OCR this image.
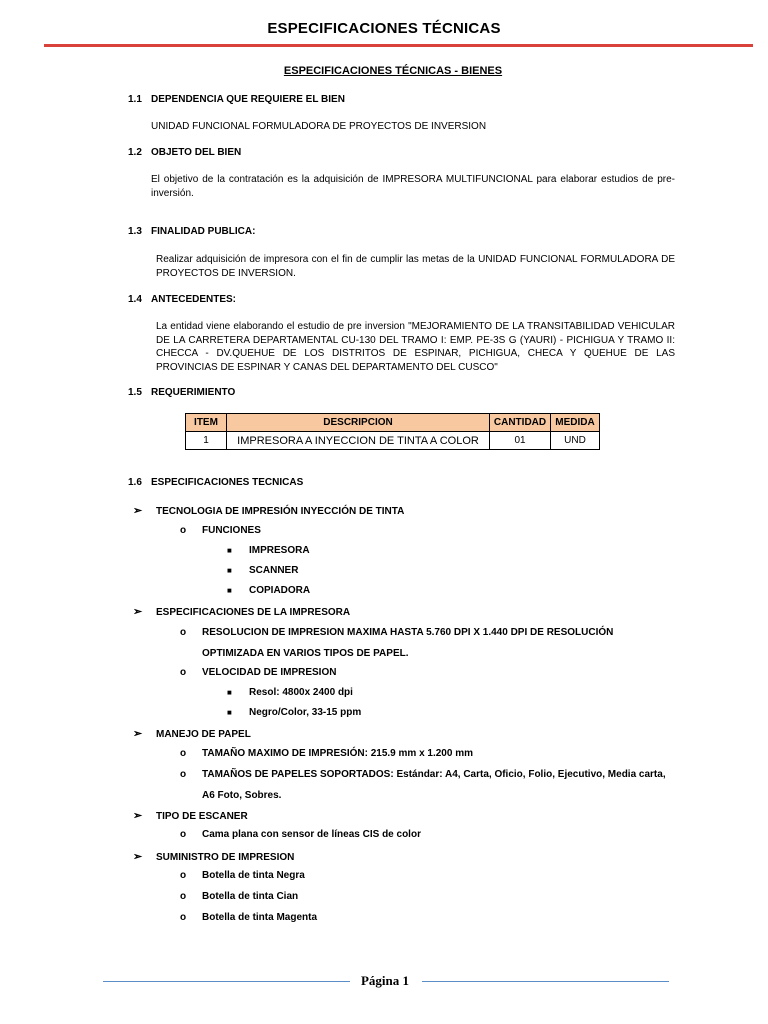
ESPECIFICACIONES TÉCNICAS
ESPECIFICACIONES TÉCNICAS - BIENES
1.1 DEPENDENCIA QUE REQUIERE EL BIEN
UNIDAD FUNCIONAL FORMULADORA DE PROYECTOS DE INVERSION
1.2 OBJETO DEL BIEN
El objetivo de la contratación es la adquisición de IMPRESORA MULTIFUNCIONAL para elaborar estudios de pre-inversión.
1.3 FINALIDAD PUBLICA:
Realizar adquisición de impresora con el fin de cumplir las metas de la UNIDAD FUNCIONAL FORMULADORA DE PROYECTOS DE INVERSION.
1.4 ANTECEDENTES:
La entidad viene elaborando el estudio de pre inversion "MEJORAMIENTO DE LA TRANSITABILIDAD VEHICULAR DE LA CARRETERA DEPARTAMENTAL CU-130 DEL TRAMO I: EMP. PE-3S G (YAURI) - PICHIGUA Y TRAMO II: CHECCA - DV.QUEHUE DE LOS DISTRITOS DE ESPINAR, PICHIGUA, CHECA Y QUEHUE DE LAS PROVINCIAS DE ESPINAR Y CANAS DEL DEPARTAMENTO DEL CUSCO"
1.5 REQUERIMIENTO
ITEM	DESCRIPCION	CANTIDAD	MEDIDA
1	IMPRESORA A INYECCION DE TINTA A COLOR	01	UND
1.6 ESPECIFICACIONES TECNICAS
➢ TECNOLOGIA DE IMPRESIÓN INYECCIÓN DE TINTA
o FUNCIONES
■ IMPRESORA
■ SCANNER
■ COPIADORA
➢ ESPECIFICACIONES DE LA IMPRESORA
o RESOLUCION DE IMPRESION MAXIMA HASTA 5.760 DPI X 1.440 DPI DE RESOLUCIÓN OPTIMIZADA EN VARIOS TIPOS DE PAPEL.
o VELOCIDAD DE IMPRESION
■ Resol: 4800x 2400 dpi
■ Negro/Color, 33-15 ppm
➢ MANEJO DE PAPEL
o TAMAÑO MAXIMO DE IMPRESIÓN: 215.9 mm x 1.200 mm
o TAMAÑOS DE PAPELES SOPORTADOS: Estándar: A4, Carta, Oficio, Folio, Ejecutivo, Media carta, A6 Foto, Sobres.
➢ TIPO DE ESCANER
o Cama plana con sensor de líneas CIS de color
➢ SUMINISTRO DE IMPRESION
o Botella de tinta Negra
o Botella de tinta Cian
o Botella de tinta Magenta
Página 1
